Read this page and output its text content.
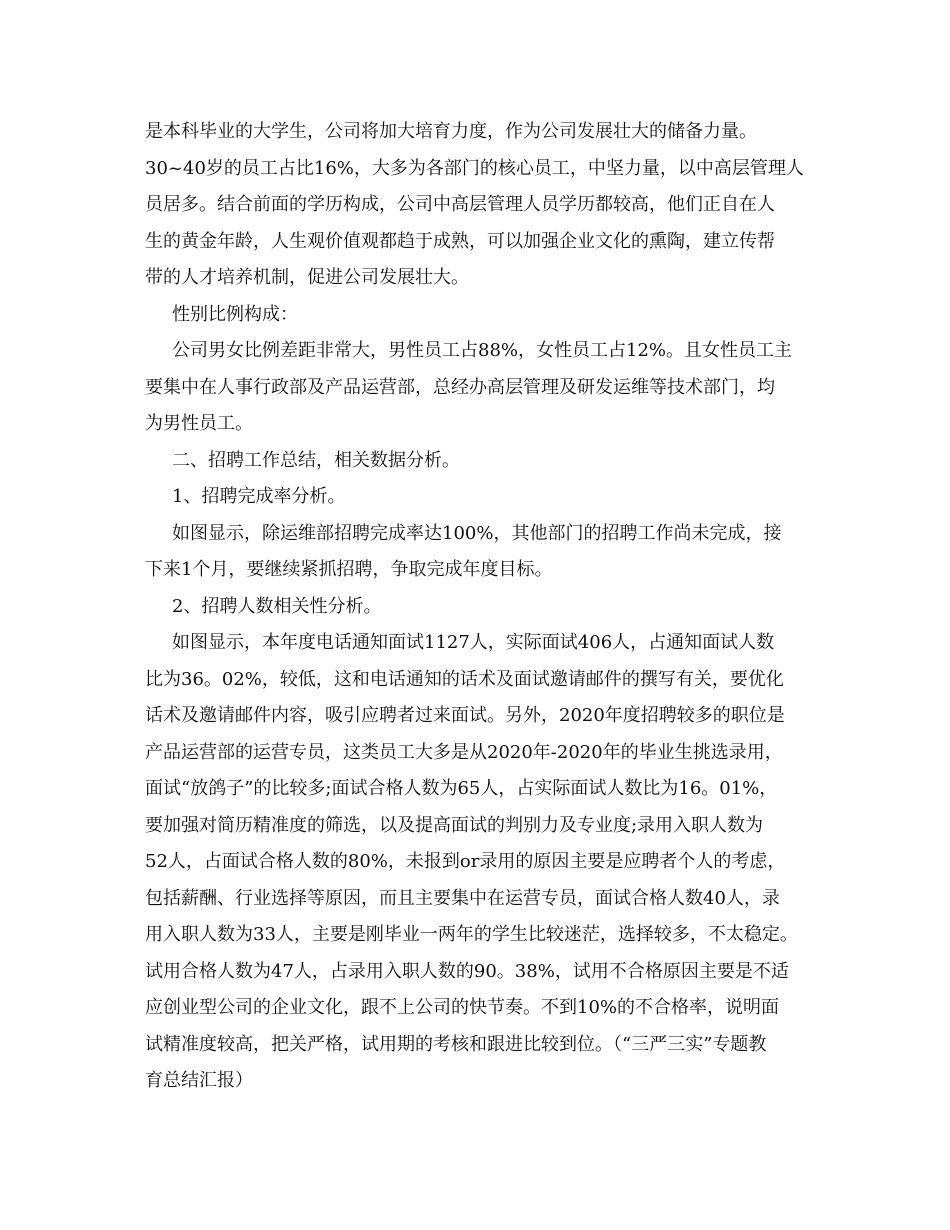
是本科毕业的大学生，公司将加大培育力度，作为公司发展壮大的储备力量。
30~40岁的员工占比16%，大多为各部门的核心员工，中坚力量，以中高层管理人
员居多。结合前面的学历构成，公司中高层管理人员学历都较高，他们正自在人
生的黄金年龄，人生观价值观都趋于成熟，可以加强企业文化的熏陶，建立传帮
带的人才培养机制，促进公司发展壮大。
性别比例构成：
公司男女比例差距非常大，男性员工占88%，女性员工占12%。且女性员工主
要集中在人事行政部及产品运营部，总经办高层管理及研发运维等技术部门，均
为男性员工。
二、招聘工作总结，相关数据分析。
1、招聘完成率分析。
如图显示，除运维部招聘完成率达100%，其他部门的招聘工作尚未完成，接
下来1个月，要继续紧抓招聘，争取完成年度目标。
2、招聘人数相关性分析。
如图显示，本年度电话通知面试1127人，实际面试406人，占通知面试人数
比为36。02%，较低，这和电话通知的话术及面试邀请邮件的撰写有关，要优化
话术及邀请邮件内容，吸引应聘者过来面试。另外，2020年度招聘较多的职位是
产品运营部的运营专员，这类员工大多是从2020年-2020年的毕业生挑选录用，
面试“放鸽子”的比较多;面试合格人数为65人，占实际面试人数比为16。01%，
要加强对简历精准度的筛选，以及提高面试的判别力及专业度;录用入职人数为
52人，占面试合格人数的80%，未报到or录用的原因主要是应聘者个人的考虑，
包括薪酬、行业选择等原因，而且主要集中在运营专员，面试合格人数40人，录
用入职人数为33人，主要是刚毕业一两年的学生比较迷茫，选择较多，不太稳定。
试用合格人数为47人，占录用入职人数的90。38%，试用不合格原因主要是不适
应创业型公司的企业文化，跟不上公司的快节奏。不到10%的不合格率，说明面
试精准度较高，把关严格，试用期的考核和跟进比较到位。（“三严三实”专题教
育总结汇报）
